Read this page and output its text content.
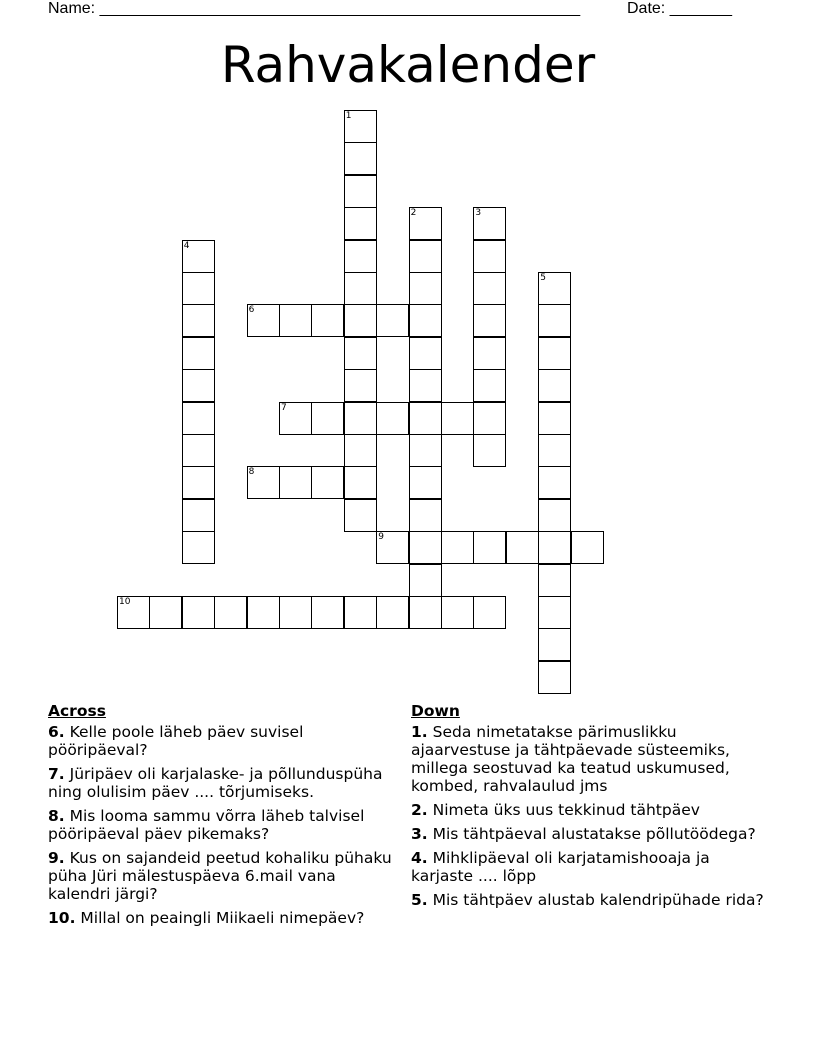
Name: ______________________________________________________	Date: _______
Rahvakalender
1
2	3
4
5
6
7
8
9
10
Across
6. Kelle poole läheb päev suvisel pööripäeval?
7. Jüripäev oli karjalaske- ja põllunduspüha ning olulisim päev .... tõrjumiseks.
8. Mis looma sammu võrra läheb talvisel pööripäeval päev pikemaks?
9. Kus on sajandeid peetud kohaliku pühaku püha Jüri mälestuspäeva 6.mail vana kalendri järgi?
10. Millal on peaingli Miikaeli nimepäev?
Down
1. Seda nimetatakse pärimuslikku ajaarvestuse ja tähtpäevade süsteemiks, millega seostuvad ka teatud uskumused, kombed, rahvalaulud jms
2. Nimeta üks uus tekkinud tähtpäev
3. Mis tähtpäeval alustatakse põllutöödega?
4. Mihklipäeval oli karjatamishooaja ja karjaste .... lõpp
5. Mis tähtpäev alustab kalendripühade rida?
